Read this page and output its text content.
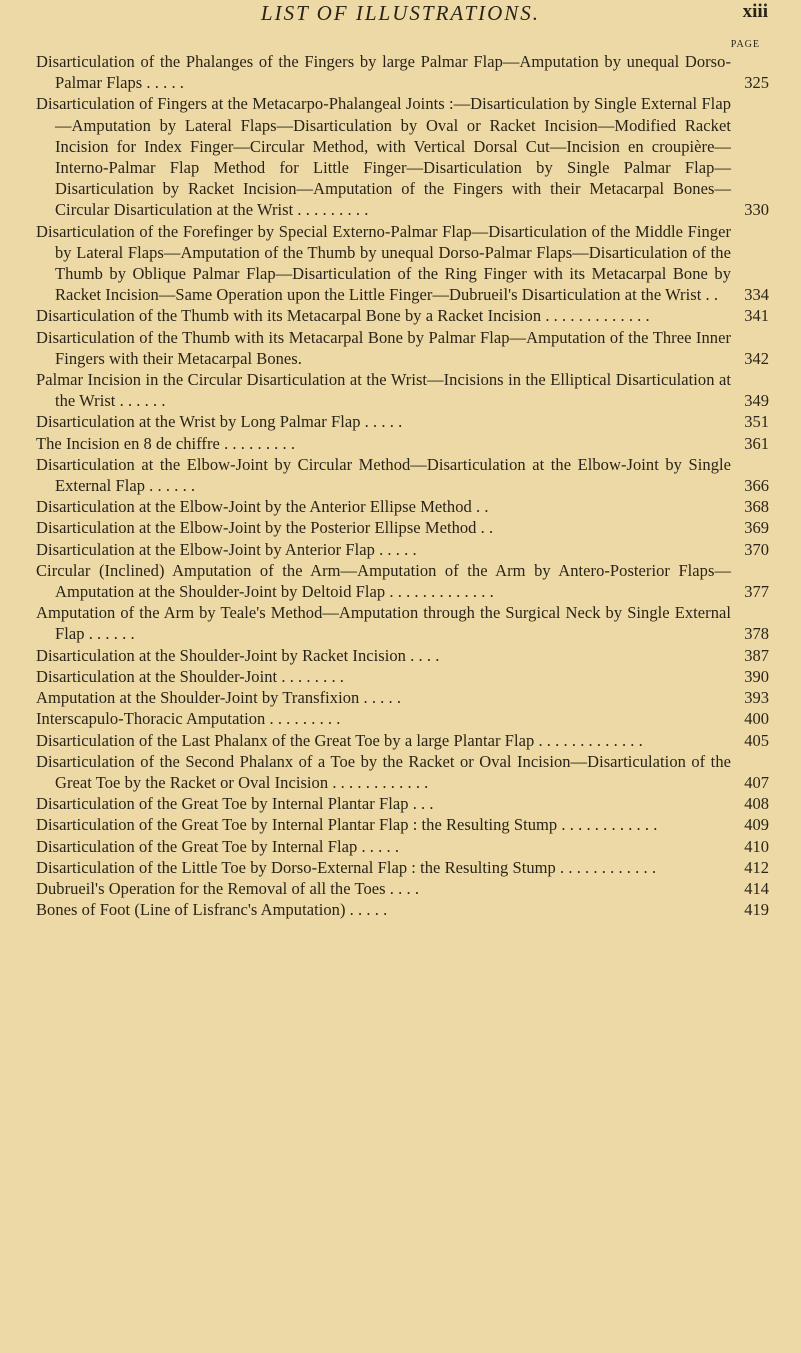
LIST OF ILLUSTRATIONS.	xiii
PAGE
Disarticulation of the Phalanges of the Fingers by large Palmar Flap—Amputation by unequal Dorso-Palmar Flaps . . . . .	325
Disarticulation of Fingers at the Metacarpo-Phalangeal Joints :—Disarticulation by Single External Flap—Amputation by Lateral Flaps—Disarticulation by Oval or Racket Incision—Modified Racket Incision for Index Finger—Circular Method, with Vertical Dorsal Cut—Incision en croupière—Interno-Palmar Flap Method for Little Finger—Disarticulation by Single Palmar Flap—Disarticulation by Racket Incision—Amputation of the Fingers with their Metacarpal Bones—Circular Disarticulation at the Wrist . . . . . . . . .	330
Disarticulation of the Forefinger by Special Externo-Palmar Flap—Disarticulation of the Middle Finger by Lateral Flaps—Amputation of the Thumb by unequal Dorso-Palmar Flaps—Disarticulation of the Thumb by Oblique Palmar Flap—Disarticulation of the Ring Finger with its Metacarpal Bone by Racket Incision—Same Operation upon the Little Finger—Dubrueil's Disarticulation at the Wrist . .	334
Disarticulation of the Thumb with its Metacarpal Bone by a Racket Incision . . . . . . . . . . . . .	341
Disarticulation of the Thumb with its Metacarpal Bone by Palmar Flap—Amputation of the Three Inner Fingers with their Metacarpal Bones.	342
Palmar Incision in the Circular Disarticulation at the Wrist—Incisions in the Elliptical Disarticulation at the Wrist . . . . . .	349
Disarticulation at the Wrist by Long Palmar Flap . . . . .	351
The Incision en 8 de chiffre . . . . . . . . .	361
Disarticulation at the Elbow-Joint by Circular Method—Disarticulation at the Elbow-Joint by Single External Flap . . . . . .	366
Disarticulation at the Elbow-Joint by the Anterior Ellipse Method . .	368
Disarticulation at the Elbow-Joint by the Posterior Ellipse Method . .	369
Disarticulation at the Elbow-Joint by Anterior Flap . . . . .	370
Circular (Inclined) Amputation of the Arm—Amputation of the Arm by Antero-Posterior Flaps—Amputation at the Shoulder-Joint by Deltoid Flap . . . . . . . . . . . . .	377
Amputation of the Arm by Teale's Method—Amputation through the Surgical Neck by Single External Flap . . . . . .	378
Disarticulation at the Shoulder-Joint by Racket Incision . . . .	387
Disarticulation at the Shoulder-Joint . . . . . . . .	390
Amputation at the Shoulder-Joint by Transfixion . . . . .	393
Interscapulo-Thoracic Amputation . . . . . . . . .	400
Disarticulation of the Last Phalanx of the Great Toe by a large Plantar Flap . . . . . . . . . . . . .	405
Disarticulation of the Second Phalanx of a Toe by the Racket or Oval Incision—Disarticulation of the Great Toe by the Racket or Oval Incision . . . . . . . . . . . .	407
Disarticulation of the Great Toe by Internal Plantar Flap . . .	408
Disarticulation of the Great Toe by Internal Plantar Flap : the Resulting Stump . . . . . . . . . . . .	409
Disarticulation of the Great Toe by Internal Flap . . . . .	410
Disarticulation of the Little Toe by Dorso-External Flap : the Resulting Stump . . . . . . . . . . . .	412
Dubrueil's Operation for the Removal of all the Toes . . . .	414
Bones of Foot (Line of Lisfranc's Amputation) . . . . .	419
